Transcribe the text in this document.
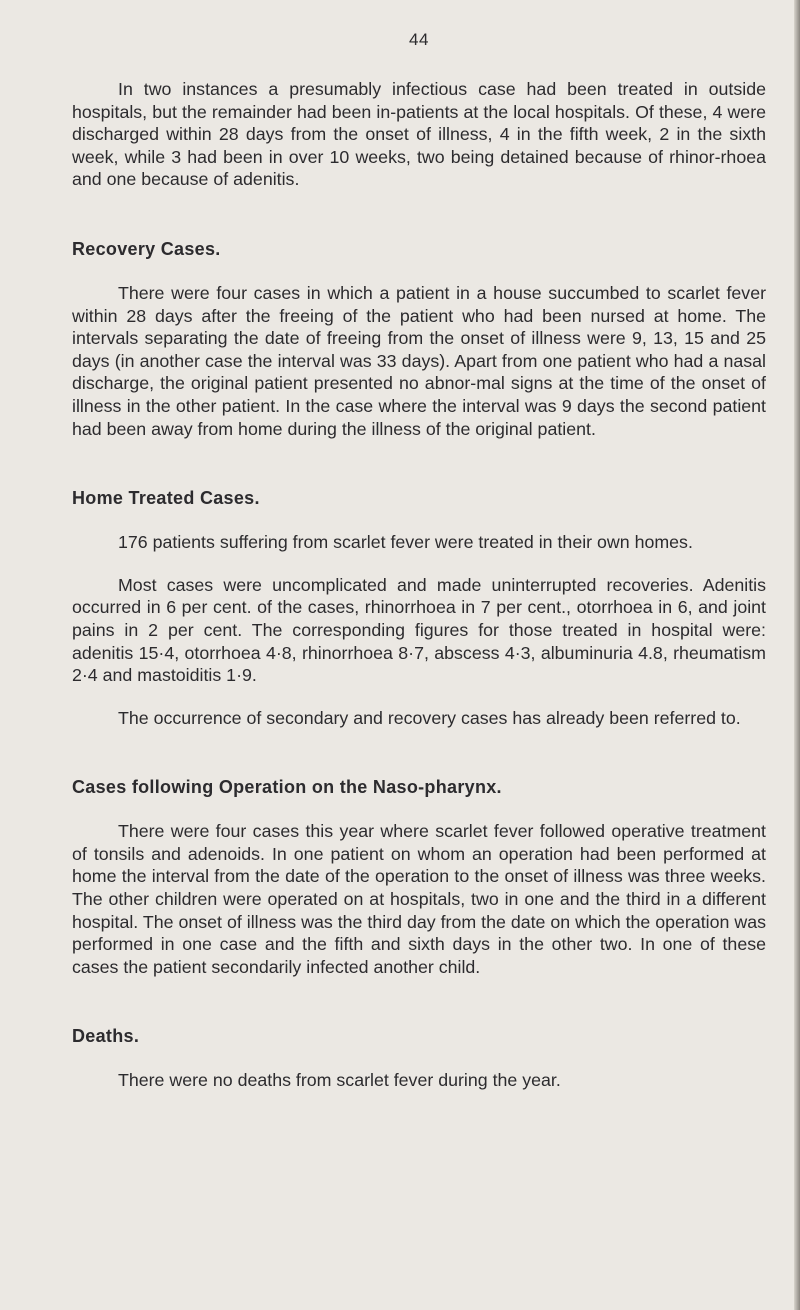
44

In two instances a presumably infectious case had been treated in outside hospitals, but the remainder had been in-patients at the local hospitals. Of these, 4 were discharged within 28 days from the onset of illness, 4 in the fifth week, 2 in the sixth week, while 3 had been in over 10 weeks, two being detained because of rhinor-rhoea and one because of adenitis.

Recovery Cases.

There were four cases in which a patient in a house succumbed to scarlet fever within 28 days after the freeing of the patient who had been nursed at home. The intervals separating the date of freeing from the onset of illness were 9, 13, 15 and 25 days (in another case the interval was 33 days). Apart from one patient who had a nasal discharge, the original patient presented no abnor-mal signs at the time of the onset of illness in the other patient. In the case where the interval was 9 days the second patient had been away from home during the illness of the original patient.

Home Treated Cases.

176 patients suffering from scarlet fever were treated in their own homes.

Most cases were uncomplicated and made uninterrupted recoveries. Adenitis occurred in 6 per cent. of the cases, rhinorrhoea in 7 per cent., otorrhoea in 6, and joint pains in 2 per cent. The corresponding figures for those treated in hospital were: adenitis 15·4, otorrhoea 4·8, rhinorrhoea 8·7, abscess 4·3, albuminuria 4.8, rheumatism 2·4 and mastoiditis 1·9.

The occurrence of secondary and recovery cases has already been referred to.

Cases following Operation on the Naso-pharynx.

There were four cases this year where scarlet fever followed operative treatment of tonsils and adenoids. In one patient on whom an operation had been performed at home the interval from the date of the operation to the onset of illness was three weeks. The other children were operated on at hospitals, two in one and the third in a different hospital. The onset of illness was the third day from the date on which the operation was performed in one case and the fifth and sixth days in the other two. In one of these cases the patient secondarily infected another child.

Deaths.

There were no deaths from scarlet fever during the year.
